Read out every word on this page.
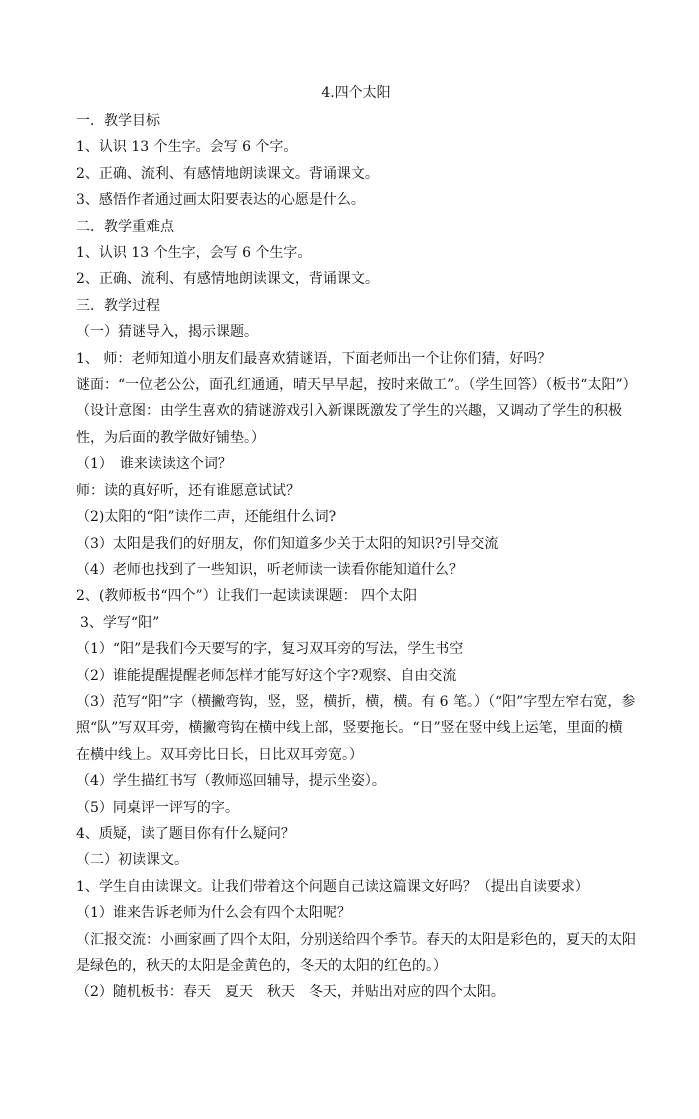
4.四个太阳

一．教学目标

1、认识 13 个生字。会写 6 个字。

2、正确、流利、有感情地朗读课文。背诵课文。

3、感悟作者通过画太阳要表达的心愿是什么。

二．教学重难点

1、认识 13 个生字，会写 6 个生字。

2、正确、流利、有感情地朗读课文，背诵课文。

三．教学过程

（一）猜谜导入，揭示课题。

1、 师：老师知道小朋友们最喜欢猜谜语，下面老师出一个让你们猜，好吗？

谜面：“一位老公公，面孔红通通，晴天早早起，按时来做工”。（学生回答）（板书“太阳”）

（设计意图：由学生喜欢的猜谜游戏引入新课既激发了学生的兴趣，又调动了学生的积极性，为后面的教学做好铺垫。）

（1）　谁来读读这个词？

师：读的真好听，还有谁愿意试试？

（2)太阳的“阳”读作二声，还能组什么词?

（3）太阳是我们的好朋友，你们知道多少关于太阳的知识?引导交流

（4）老师也找到了一些知识，听老师读一读看你能知道什么？

2、(教师板书“四个”）让我们一起读读课题： 四个太阳

3、学写“阳”

（1）“阳”是我们今天要写的字，复习双耳旁的写法，学生书空

（2）谁能提醒提醒老师怎样才能写好这个字?观察、自由交流

（3）范写“阳”字（横撇弯钩，竖，竖，横折，横，横。有 6 笔。）（“阳”字型左窄右宽，参照“队”写双耳旁，横撇弯钩在横中线上部，竖要拖长。“日”竖在竖中线上运笔，里面的横在横中线上。双耳旁比日长，日比双耳旁宽。）

（4）学生描红书写（教师巡回辅导，提示坐姿）。

（5）同桌评一评写的字。

4、质疑，读了题目你有什么疑问？

（二）初读课文。

1、学生自由读课文。让我们带着这个问题自己读这篇课文好吗？（提出自读要求）

（1）谁来告诉老师为什么会有四个太阳呢？

（汇报交流：小画家画了四个太阳，分别送给四个季节。春天的太阳是彩色的，夏天的太阳是绿色的，秋天的太阳是金黄色的，冬天的太阳的红色的。）

（2）随机板书：春天　夏天　秋天　冬天，并贴出对应的四个太阳。
